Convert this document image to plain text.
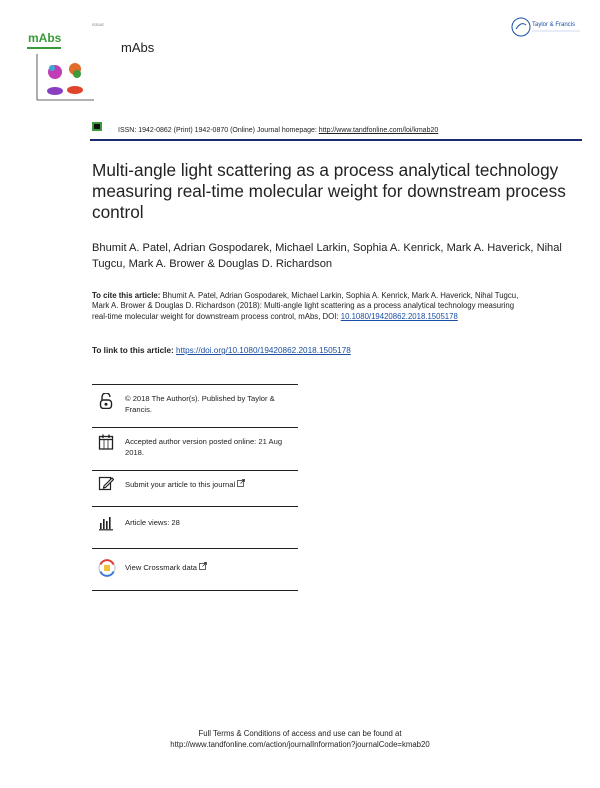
mAbs
ISSUE
mAbs
Taylor & Francis
ISSN: 1942-0862 (Print) 1942-0870 (Online) Journal homepage: http://www.tandfonline.com/loi/kmab20
Multi-angle light scattering as a process analytical technology measuring real-time molecular weight for downstream process control
Bhumit A. Patel, Adrian Gospodarek, Michael Larkin, Sophia A. Kenrick, Mark A. Haverick, Nihal Tugcu, Mark A. Brower & Douglas D. Richardson
To cite this article: Bhumit A. Patel, Adrian Gospodarek, Michael Larkin, Sophia A. Kenrick, Mark A. Haverick, Nihal Tugcu, Mark A. Brower & Douglas D. Richardson (2018): Multi-angle light scattering as a process analytical technology measuring real-time molecular weight for downstream process control, mAbs, DOI: 10.1080/19420862.2018.1505178
To link to this article: https://doi.org/10.1080/19420862.2018.1505178
© 2018 The Author(s). Published by Taylor & Francis.
Accepted author version posted online: 21 Aug 2018.
Submit your article to this journal
Article views: 28
View Crossmark data
Full Terms & Conditions of access and use can be found at
http://www.tandfonline.com/action/journalInformation?journalCode=kmab20
